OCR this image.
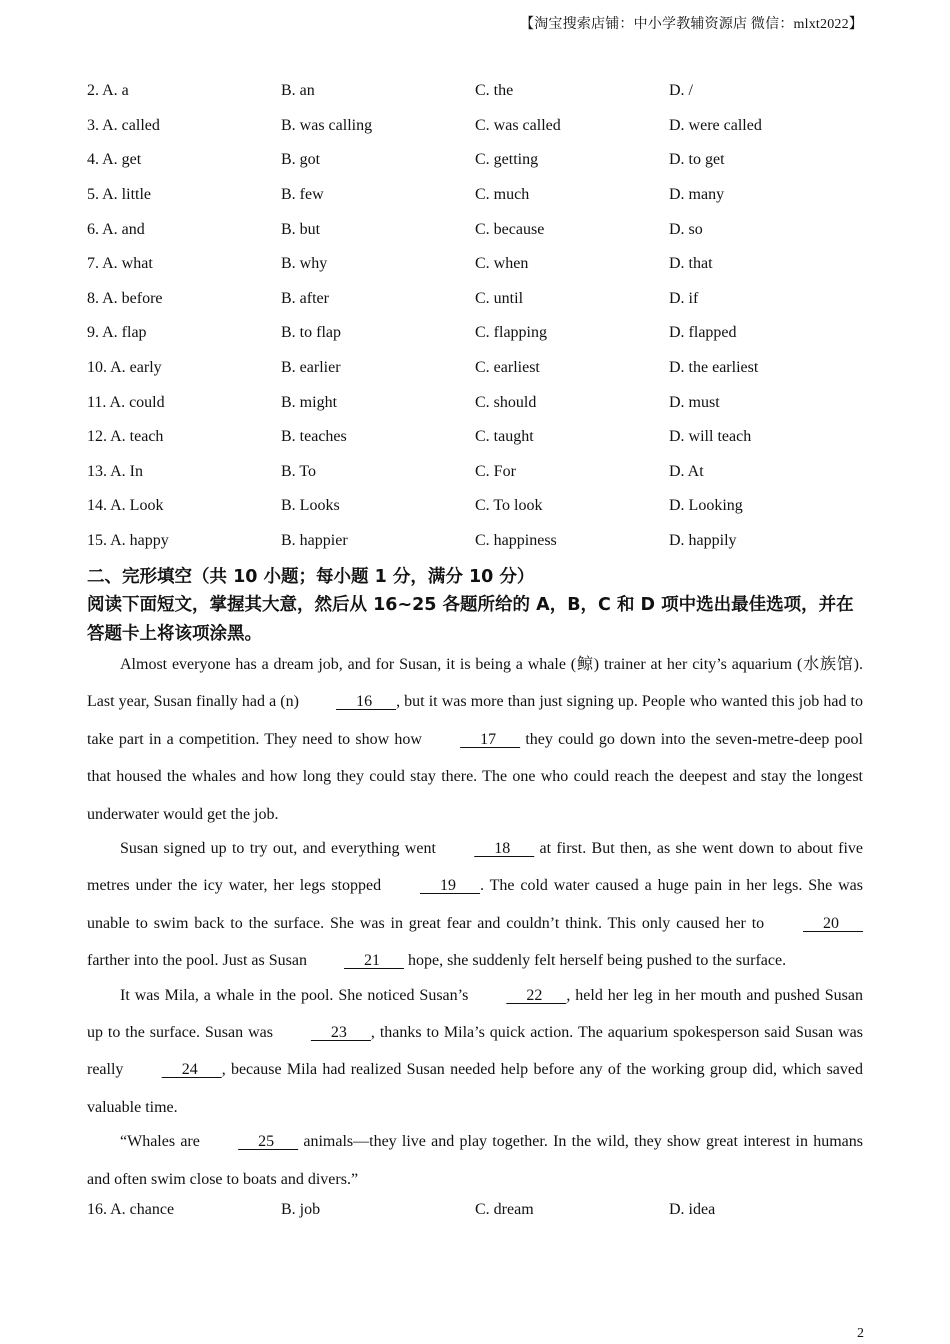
【淘宝搜索店铺：中小学教辅资源店 微信：mlxt2022】
2. A. a	B. an	C. the	D. /
3. A. called	B. was calling	C. was called	D. were called
4. A. get	B. got	C. getting	D. to get
5. A. little	B. few	C. much	D. many
6. A. and	B. but	C. because	D. so
7. A. what	B. why	C. when	D. that
8. A. before	B. after	C. until	D. if
9. A. flap	B. to flap	C. flapping	D. flapped
10. A. early	B. earlier	C. earliest	D. the earliest
11. A. could	B. might	C. should	D. must
12. A. teach	B. teaches	C. taught	D. will teach
13. A. In	B. To	C. For	D. At
14. A. Look	B. Looks	C. To look	D. Looking
15. A. happy	B. happier	C. happiness	D. happily
二、完形填空（共 10 小题；每小题 1 分，满分 10 分）
阅读下面短文，掌握其大意，然后从 16~25 各题所给的 A，B，C 和 D 项中选出最佳选项，并在答题卡上将该项涂黑。

Almost everyone has a dream job, and for Susan, it is being a whale (鲸) trainer at her city’s aquarium (水族馆). Last year, Susan finally had a (n)      16      , but it was more than just signing up. People who wanted this job had to take part in a competition. They need to show how      17       they could go down into the seven-metre-deep pool that housed the whales and how long they could stay there. The one who could reach the deepest and stay the longest underwater would get the job.

Susan signed up to try out, and everything went      18       at first. But then, as she went down to about five metres under the icy water, her legs stopped      19      . The cold water caused a huge pain in her legs. She was unable to swim back to the surface. She was in great fear and couldn’t think. This only caused her to      20       farther into the pool. Just as Susan      21       hope, she suddenly felt herself being pushed to the surface.

It was Mila, a whale in the pool. She noticed Susan’s      22      , held her leg in her mouth and pushed Susan up to the surface. Susan was      23      , thanks to Mila’s quick action. The aquarium spokesperson said Susan was really      24      , because Mila had realized Susan needed help before any of the working group did, which saved valuable time.

“Whales are      25       animals—they live and play together. In the wild, they show great interest in humans and often swim close to boats and divers.”

16. A. chance	B. job	C. dream	D. idea
2
